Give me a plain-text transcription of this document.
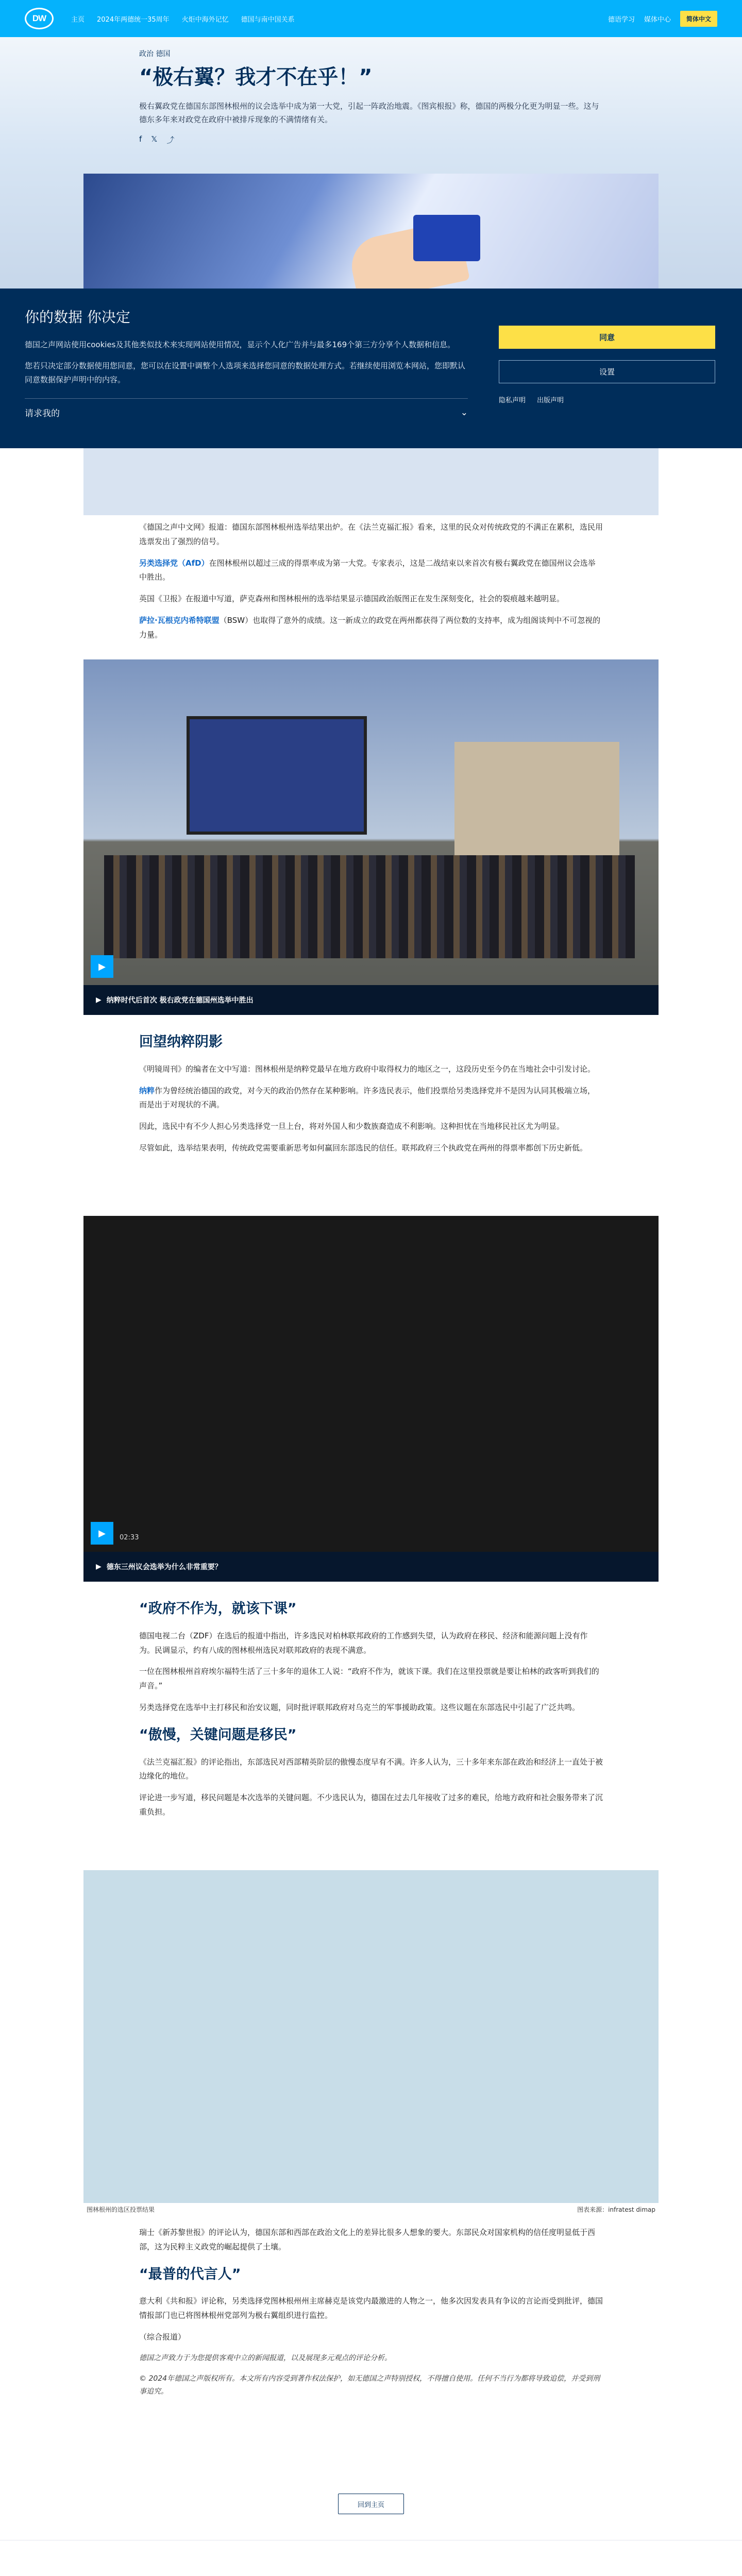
DW	主页 2024年两德统一35周年 火炬中海外记忆 德国与南中国关系	德语学习 媒体中心	简体中文
政治 德国
“极右翼？我才不在乎！”
极右翼政党在德国东部图林根州的议会选举中成为第一大党，引起一阵政治地震。《图宾根报》称，德国的两极分化更为明显一些。这与德东多年来对政党在政府中被排斥现象的不满情绪有关。
f 𝕏 ⤴
你的数据 你决定
德国之声网站使用cookies及其他类似技术来实现网站使用情况，显示个人化广告并与最多169个第三方分享个人数据和信息。
您若只决定部分数据使用您同意，您可以在设置中调整个人选项来选择您同意的数据处理方式。若继续使用浏览本网站，您即默认同意数据保护声明中的内容。
请求我的	⌄
同意
设置
隐私声明 出版声明

《德国之声中文网》报道：德国东部图林根州选举结果出炉。在《法兰克福汇报》看来，这里的民众对传统政党的不满正在累积，选民用选票发出了强烈的信号。

另类选择党（AfD）在图林根州以超过三成的得票率成为第一大党。专家表示，这是二战结束以来首次有极右翼政党在德国州议会选举中胜出。

英国《卫报》在报道中写道，萨克森州和图林根州的选举结果显示德国政治版图正在发生深刻变化，社会的裂痕越来越明显。

萨拉·瓦根克内希特联盟（BSW）也取得了意外的成绩。这一新成立的政党在两州都获得了两位数的支持率，成为组阁谈判中不可忽视的力量。

▶
▶ 纳粹时代后首次 极右政党在德国州选举中胜出
回望纳粹阴影

《明镜周刊》的编者在文中写道：图林根州是纳粹党最早在地方政府中取得权力的地区之一，这段历史至今仍在当地社会中引发讨论。

纳粹作为曾经统治德国的政党，对今天的政治仍然存在某种影响。许多选民表示，他们投票给另类选择党并不是因为认同其极端立场，而是出于对现状的不满。

因此，选民中有不少人担心另类选择党一旦上台，将对外国人和少数族裔造成不利影响。这种担忧在当地移民社区尤为明显。

尽管如此，选举结果表明，传统政党需要重新思考如何赢回东部选民的信任。联邦政府三个执政党在两州的得票率都创下历史新低。

▶	02:33
▶ 德东三州议会选举为什么非常重要？
“政府不作为，就该下课”

德国电视二台（ZDF）在选后的报道中指出，许多选民对柏林联邦政府的工作感到失望，认为政府在移民、经济和能源问题上没有作为。民调显示，约有八成的图林根州选民对联邦政府的表现不满意。

一位在图林根州首府埃尔福特生活了三十多年的退休工人说：“政府不作为，就该下课。我们在这里投票就是要让柏林的政客听到我们的声音。”

另类选择党在选举中主打移民和治安议题，同时批评联邦政府对乌克兰的军事援助政策。这些议题在东部选民中引起了广泛共鸣。

“傲慢，关键问题是移民”

《法兰克福汇报》的评论指出，东部选民对西部精英阶层的傲慢态度早有不满。许多人认为，三十多年来东部在政治和经济上一直处于被边缘化的地位。

评论进一步写道，移民问题是本次选举的关键问题。不少选民认为，德国在过去几年接收了过多的难民，给地方政府和社会服务带来了沉重负担。

图林根州的选区投票结果	图表来源：infratest dimap

瑞士《新苏黎世报》的评论认为，德国东部和西部在政治文化上的差异比很多人想象的要大。东部民众对国家机构的信任度明显低于西部，这为民粹主义政党的崛起提供了土壤。

“最普的代言人”

意大利《共和报》评论称，另类选择党图林根州州主席赫克是该党内最激进的人物之一，他多次因发表具有争议的言论而受到批评，德国情报部门也已将图林根州党部列为极右翼组织进行监控。

（综合报道）

德国之声致力于为您提供客观中立的新闻报道，以及展现多元观点的评论分析。

© 2024年德国之声版权所有。本文所有内容受到著作权法保护，如无德国之声特别授权，不得擅自使用。任何不当行为都将导致追偿，并受到刑事追究。

回到主页
